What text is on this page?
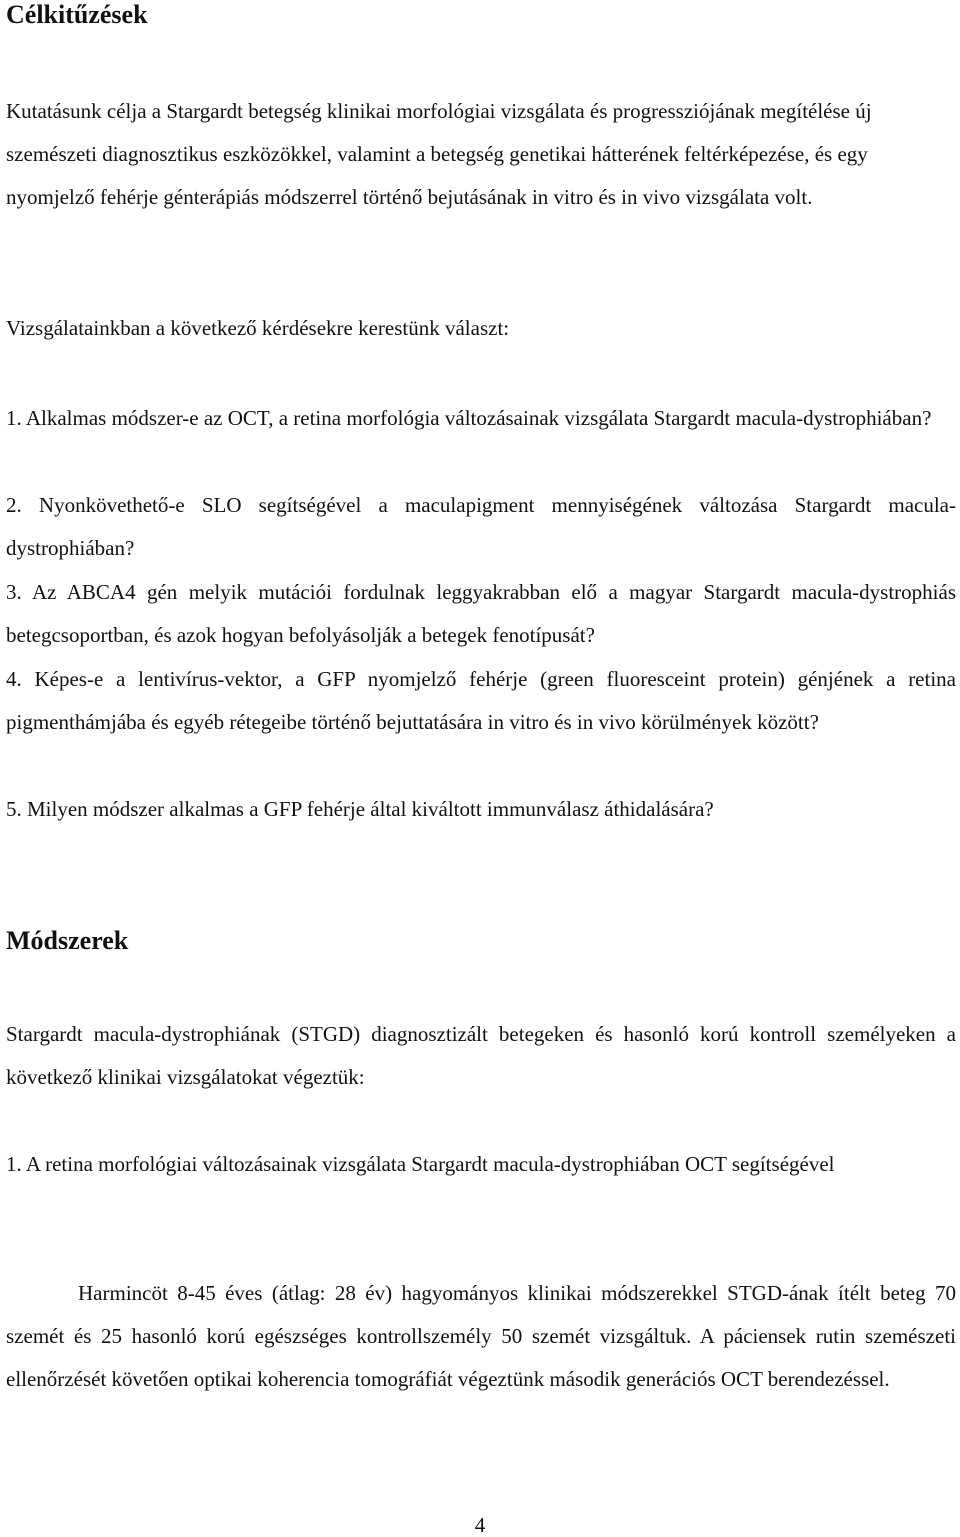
Célkitűzések

Kutatásunk célja a Stargardt betegség klinikai morfológiai vizsgálata és progressziójának megítélése új szemészeti diagnosztikus eszközökkel, valamint a betegség genetikai hátterének feltérképezése, és egy nyomjelző fehérje génterápiás módszerrel történő bejutásának in vitro és in vivo vizsgálata volt.

Vizsgálatainkban a következő kérdésekre kerestünk választ:

1. Alkalmas módszer-e az OCT, a retina morfológia változásainak vizsgálata Stargardt macula-dystrophiában?

2. Nyonkövethető-e SLO segítségével a maculapigment mennyiségének változása Stargardt macula-dystrophiában?

3. Az ABCA4 gén melyik mutációi fordulnak leggyakrabban elő a magyar Stargardt macula-dystrophiás betegcsoportban, és azok hogyan befolyásolják a betegek fenotípusát?

4. Képes-e a lentivírus-vektor, a GFP nyomjelző fehérje (green fluoresceint protein) génjének a retina pigmenthámjába és egyéb rétegeibe történő bejuttatására in vitro és in vivo körülmények között?

5. Milyen módszer alkalmas a GFP fehérje által kiváltott immunválasz áthidalására?

Módszerek

Stargardt macula-dystrophiának (STGD) diagnosztizált betegeken és hasonló korú kontroll személyeken a következő klinikai vizsgálatokat végeztük:

1. A retina morfológiai változásainak vizsgálata Stargardt macula-dystrophiában OCT segítségével

Harmincöt 8-45 éves (átlag: 28 év) hagyományos klinikai módszerekkel STGD-ának ítélt beteg 70 szemét és 25 hasonló korú egészséges kontrollszemély 50 szemét vizsgáltuk. A páciensek rutin szemészeti ellenőrzését követően optikai koherencia tomográfiát végeztünk második generációs OCT berendezéssel.

4
